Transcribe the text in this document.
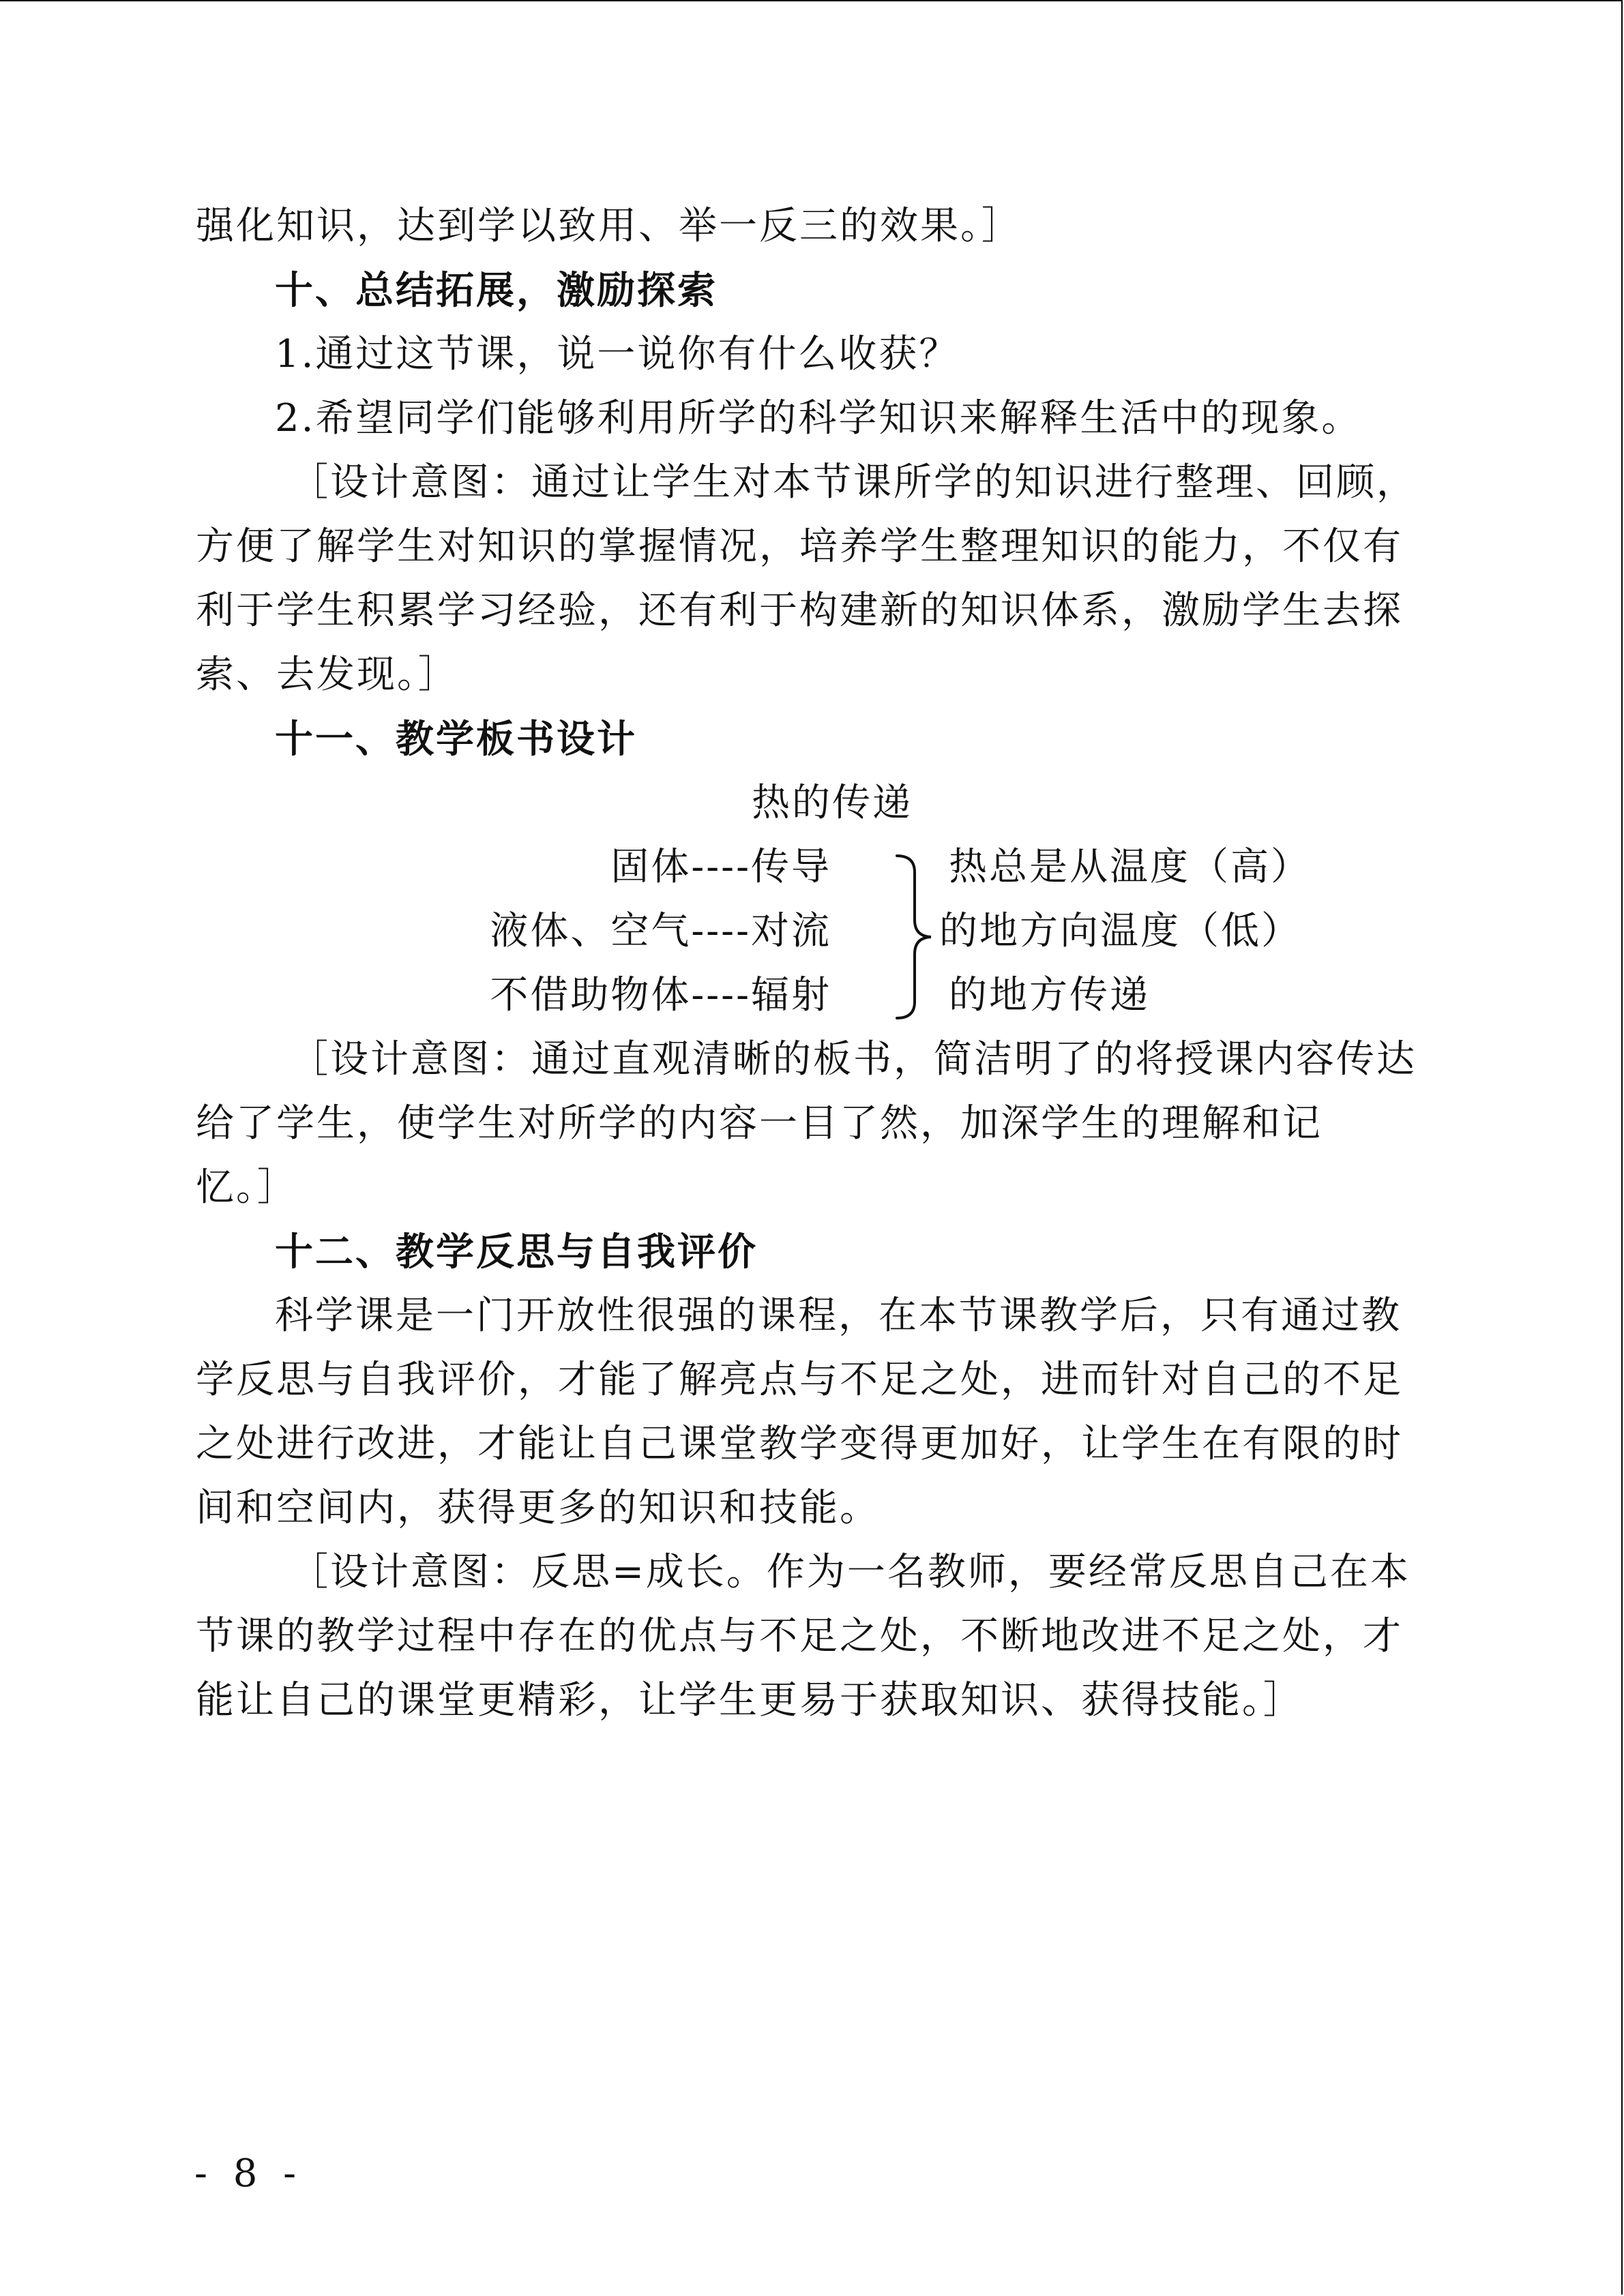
强化知识，达到学以致用、举一反三的效果。］
十、总结拓展，激励探索
1.通过这节课，说一说你有什么收获？
2.希望同学们能够利用所学的科学知识来解释生活中的现象。
［设计意图：通过让学生对本节课所学的知识进行整理、回顾，
方便了解学生对知识的掌握情况，培养学生整理知识的能力，不仅有
利于学生积累学习经验，还有利于构建新的知识体系，激励学生去探
索、去发现。］
十一、教学板书设计
热的传递
固体----传导
液体、空气----对流
不借助物体----辐射
热总是从温度（高）
的地方向温度（低）
的地方传递
［设计意图：通过直观清晰的板书，简洁明了的将授课内容传达
给了学生，使学生对所学的内容一目了然，加深学生的理解和记
忆。］
十二、教学反思与自我评价
科学课是一门开放性很强的课程，在本节课教学后，只有通过教
学反思与自我评价，才能了解亮点与不足之处，进而针对自己的不足
之处进行改进，才能让自己课堂教学变得更加好，让学生在有限的时
间和空间内，获得更多的知识和技能。
［设计意图：反思=成长。作为一名教师，要经常反思自己在本
节课的教学过程中存在的优点与不足之处，不断地改进不足之处，才
能让自己的课堂更精彩，让学生更易于获取知识、获得技能。］
- 8 -
